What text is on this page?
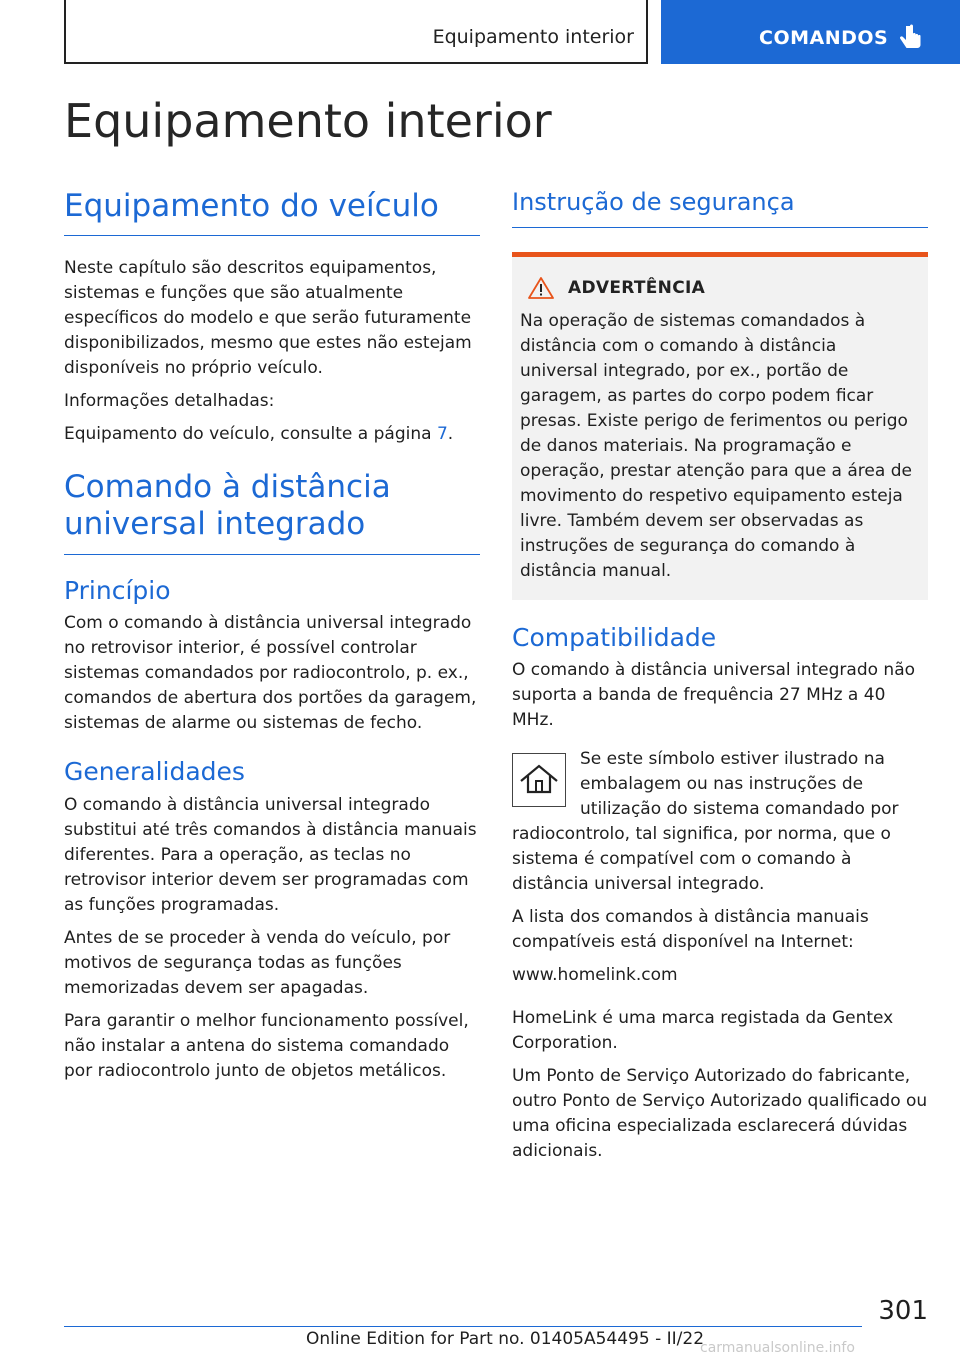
Equipamento interior	COMANDOS
Equipamento interior
Equipamento do veículo

Neste capítulo são descritos equipamentos, sistemas e funções que são atualmente específicos do modelo e que serão futuramente disponibilizados, mesmo que estes não estejam disponíveis no próprio veículo.

Informações detalhadas:

Equipamento do veículo, consulte a página 7.

Comando à distância
universal integrado
Princípio

Com o comando à distância universal integrado no retrovisor interior, é possível controlar sistemas comandados por radiocontrolo, p. ex., comandos de abertura dos portões da garagem, sistemas de alarme ou sistemas de fecho.

Generalidades

O comando à distância universal integrado substitui até três comandos à distância manuais diferentes. Para a operação, as teclas no retrovisor interior devem ser programadas com as funções programadas.

Antes de se proceder à venda do veículo, por motivos de segurança todas as funções memorizadas devem ser apagadas.

Para garantir o melhor funcionamento possível, não instalar a antena do sistema comandado por radiocontrolo junto de objetos metálicos.

Instrução de segurança
ADVERTÊNCIA

Na operação de sistemas comandados à distância com o comando à distância universal integrado, por ex., portão de garagem, as partes do corpo podem ficar presas. Existe perigo de ferimentos ou perigo de danos materiais. Na programação e operação, prestar atenção para que a área de movimento do respetivo equipamento esteja livre. Também devem ser observadas as instruções de segurança do comando à distância manual.

Compatibilidade

O comando à distância universal integrado não suporta a banda de frequência 27 MHz a 40 MHz.

Se este símbolo estiver ilustrado na embalagem ou nas instruções de utilização do sistema comandado por radiocontrolo, tal significa, por norma, que o sistema é compatível com o comando à distância universal integrado.

A lista dos comandos à distância manuais compatíveis está disponível na Internet:

www.homelink.com

HomeLink é uma marca registada da Gentex Corporation.

Um Ponto de Serviço Autorizado do fabricante, outro Ponto de Serviço Autorizado qualificado ou uma oficina especializada esclarecerá dúvidas adicionais.

301
Online Edition for Part no. 01405A54495 - II/22
carmanualsonline.info
